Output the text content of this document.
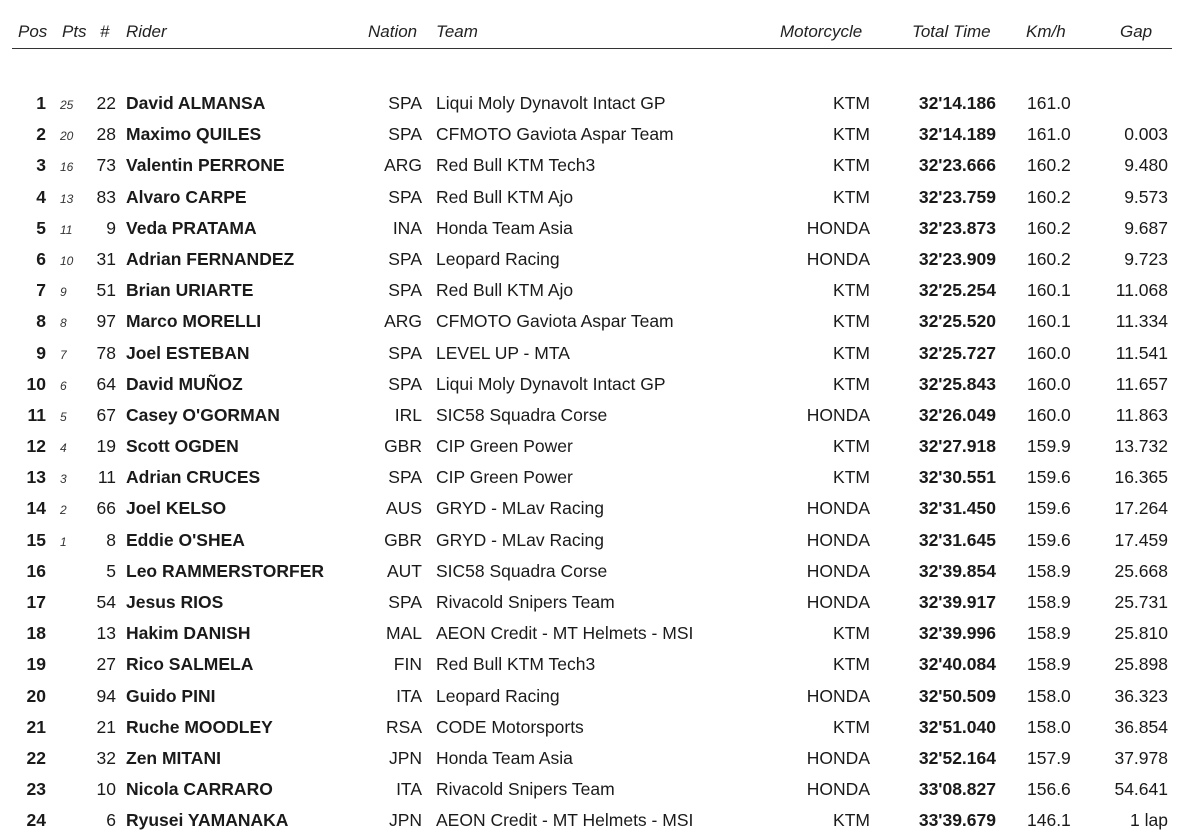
Pos Pts # Rider	Nation Team	Motorcycle	Total Time Km/h	Gap
1 25	22 David ALMANSA	SPA Liqui Moly Dynavolt Intact GP	KTM	32'14.186 161.0
2 20	28 Maximo QUILES	SPA CFMOTO Gaviota Aspar Team	KTM	32'14.189 161.0	0.003
3 16	73 Valentin PERRONE	ARG Red Bull KTM Tech3	KTM	32'23.666 160.2	9.480
4 13	83 Alvaro CARPE	SPA Red Bull KTM Ajo	KTM	32'23.759 160.2	9.573
5 11	9 Veda PRATAMA	INA Honda Team Asia	HONDA	32'23.873 160.2	9.687
6 10	31 Adrian FERNANDEZ	SPA Leopard Racing	HONDA	32'23.909 160.2	9.723
7 9	51 Brian URIARTE	SPA Red Bull KTM Ajo	KTM	32'25.254 160.1	11.068
8 8	97 Marco MORELLI	ARG CFMOTO Gaviota Aspar Team	KTM	32'25.520 160.1	11.334
9 7	78 Joel ESTEBAN	SPA LEVEL UP - MTA	KTM	32'25.727 160.0	11.541
10 6	64 David MUÑOZ	SPA Liqui Moly Dynavolt Intact GP	KTM	32'25.843 160.0	11.657
11 5	67 Casey O'GORMAN	IRL SIC58 Squadra Corse	HONDA	32'26.049 160.0	11.863
12 4	19 Scott OGDEN	GBR CIP Green Power	KTM	32'27.918 159.9	13.732
13 3	11 Adrian CRUCES	SPA CIP Green Power	KTM	32'30.551 159.6	16.365
14 2	66 Joel KELSO	AUS GRYD - MLav Racing	HONDA	32'31.450 159.6	17.264
15 1	8 Eddie O'SHEA	GBR GRYD - MLav Racing	HONDA	32'31.645 159.6	17.459
16	5 Leo RAMMERSTORFER	AUT SIC58 Squadra Corse	HONDA	32'39.854 158.9	25.668
17	54 Jesus RIOS	SPA Rivacold Snipers Team	HONDA	32'39.917 158.9	25.731
18	13 Hakim DANISH	MAL AEON Credit - MT Helmets - MSI	KTM	32'39.996 158.9	25.810
19	27 Rico SALMELA	FIN Red Bull KTM Tech3	KTM	32'40.084 158.9	25.898
20	94 Guido PINI	ITA Leopard Racing	HONDA	32'50.509 158.0	36.323
21	21 Ruche MOODLEY	RSA CODE Motorsports	KTM	32'51.040 158.0	36.854
22	32 Zen MITANI	JPN Honda Team Asia	HONDA	32'52.164 157.9	37.978
23	10 Nicola CARRARO	ITA Rivacold Snipers Team	HONDA	33'08.827 156.6	54.641
24	6 Ryusei YAMANAKA	JPN AEON Credit - MT Helmets - MSI	KTM	33'39.679 146.1	1 lap
